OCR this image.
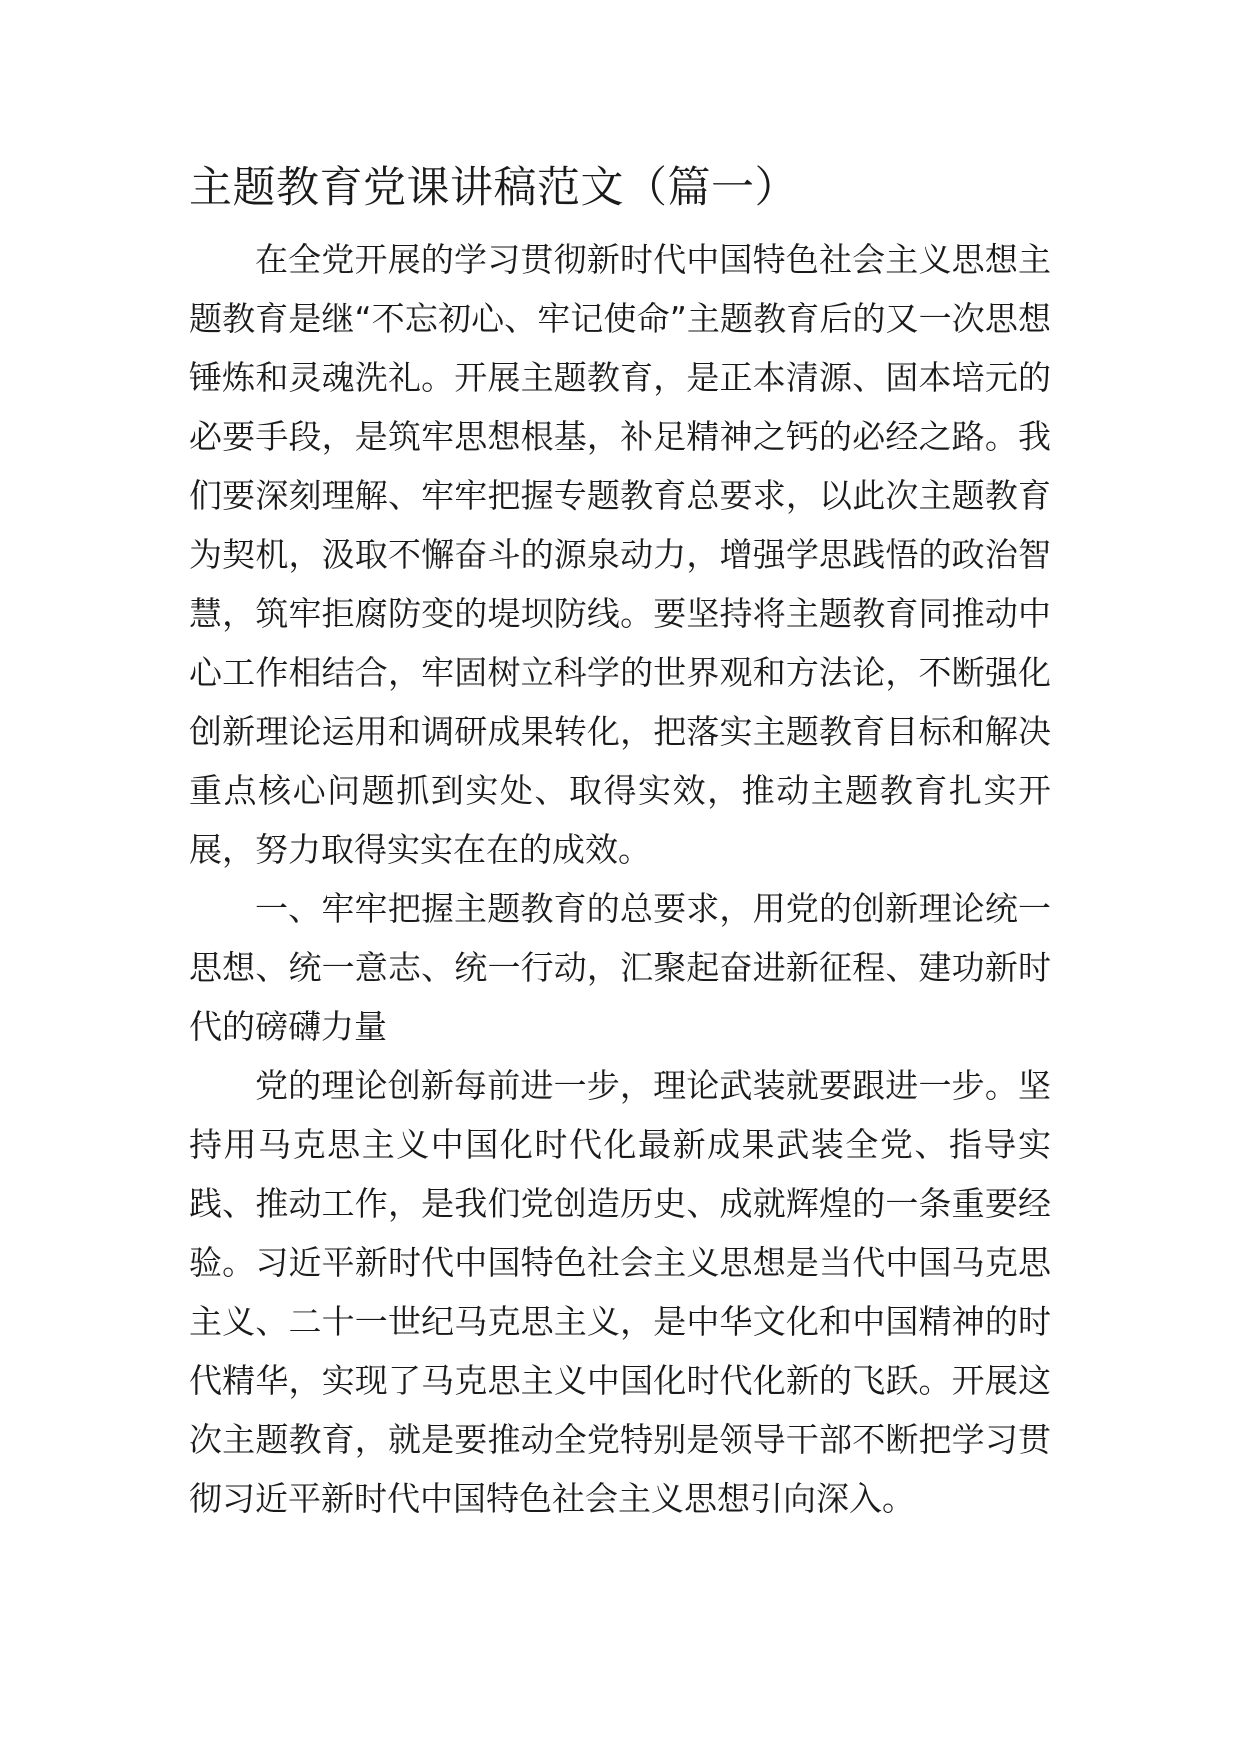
主题教育党课讲稿范文（篇一）

在全党开展的学习贯彻新时代中国特色社会主义思想主题教育是继“不忘初心、牢记使命”主题教育后的又一次思想锤炼和灵魂洗礼。开展主题教育，是正本清源、固本培元的必要手段，是筑牢思想根基，补足精神之钙的必经之路。我们要深刻理解、牢牢把握专题教育总要求，以此次主题教育为契机，汲取不懈奋斗的源泉动力，增强学思践悟的政治智慧，筑牢拒腐防变的堤坝防线。要坚持将主题教育同推动中心工作相结合，牢固树立科学的世界观和方法论，不断强化创新理论运用和调研成果转化，把落实主题教育目标和解决重点核心问题抓到实处、取得实效，推动主题教育扎实开展，努力取得实实在在的成效。

一、牢牢把握主题教育的总要求，用党的创新理论统一思想、统一意志、统一行动，汇聚起奋进新征程、建功新时代的磅礴力量

党的理论创新每前进一步，理论武装就要跟进一步。坚持用马克思主义中国化时代化最新成果武装全党、指导实践、推动工作，是我们党创造历史、成就辉煌的一条重要经验。习近平新时代中国特色社会主义思想是当代中国马克思主义、二十一世纪马克思主义，是中华文化和中国精神的时代精华，实现了马克思主义中国化时代化新的飞跃。开展这次主题教育，就是要推动全党特别是领导干部不断把学习贯彻习近平新时代中国特色社会主义思想引向深入。
